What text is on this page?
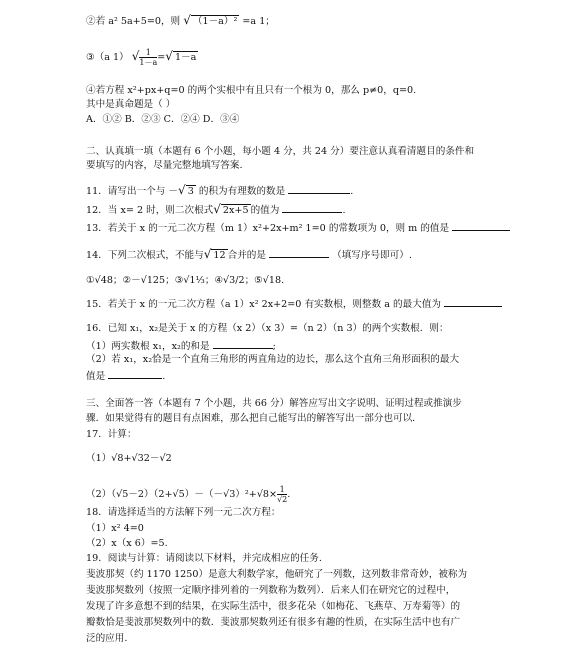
②若 a² 5a+5=0，则 √ （1－a）² =a 1；
③（a 1） √ $\frac{1}{1-a}$ =√ 1－a
④若方程 x²+px+q=0 的两个实根中有且只有一个根为 0，那么 p≠0，q=0.
其中是真命题是（ ）
A．①② B．②③ C．②④ D．③④
二、认真填一填（本题有 6 个小题，每小题 4 分，共 24 分）要注意认真看清题目的条件和
要填写的内容，尽量完整地填写答案.
11．请写出一个与 －√ 3 的积为有理数的数是	.
12．当 x= 2 时，则二次根式√ 2x+5 的值为	.
13．若关于 x 的一元二次方程（m 1）x²+2x+m² 1=0 的常数项为 0，则 m 的值是
14．下列二次根式，不能与√ 12 合并的是	（填写序号即可）.
①√48；②－√125；③√1⅓；④√3/2；⑤√18.
15．若关于 x 的一元二次方程（a 1）x² 2x+2=0 有实数根，则整数 a 的最大值为
16．已知 x₁，x₂是关于 x 的方程（x 2）（x 3）=（n 2）（n 3）的两个实数根．则：
（1）两实数根 x₁，x₂的和是	;
（2）若 x₁，x₂恰是一个直角三角形的两直角边的边长，那么这个直角三角形面积的最大
值是	.
三、全面答一答（本题有 7 个小题，共 66 分）解答应写出文字说明、证明过程或推演步
骤．如果觉得有的题目有点困难，那么把自己能写出的解答写出一部分也可以．
17．计算：
（1）√8+√32－√2
$(2)(√5-2)(2+√5)-(-√3)^2+√8\times \frac{1}{√2}$ .
18．请选择适当的方法解下列一元二次方程：
（1）x² 4=0
（2）x（x 6）=5.
19．阅读与计算：请阅读以下材料，并完成相应的任务.
斐波那契（约 1170 1250）是意大利数学家，他研究了一列数，这列数非常奇妙，被称为
斐波那契数列（按照一定顺序排列着的一列数称为数列）．后来人们在研究它的过程中，
发现了许多意想不到的结果，在实际生活中，很多花朵（如梅花、飞燕草、万寿菊等）的
瓣数恰是斐波那契数列中的数．斐波那契数列还有很多有趣的性质，在实际生活中也有广
泛的应用.
